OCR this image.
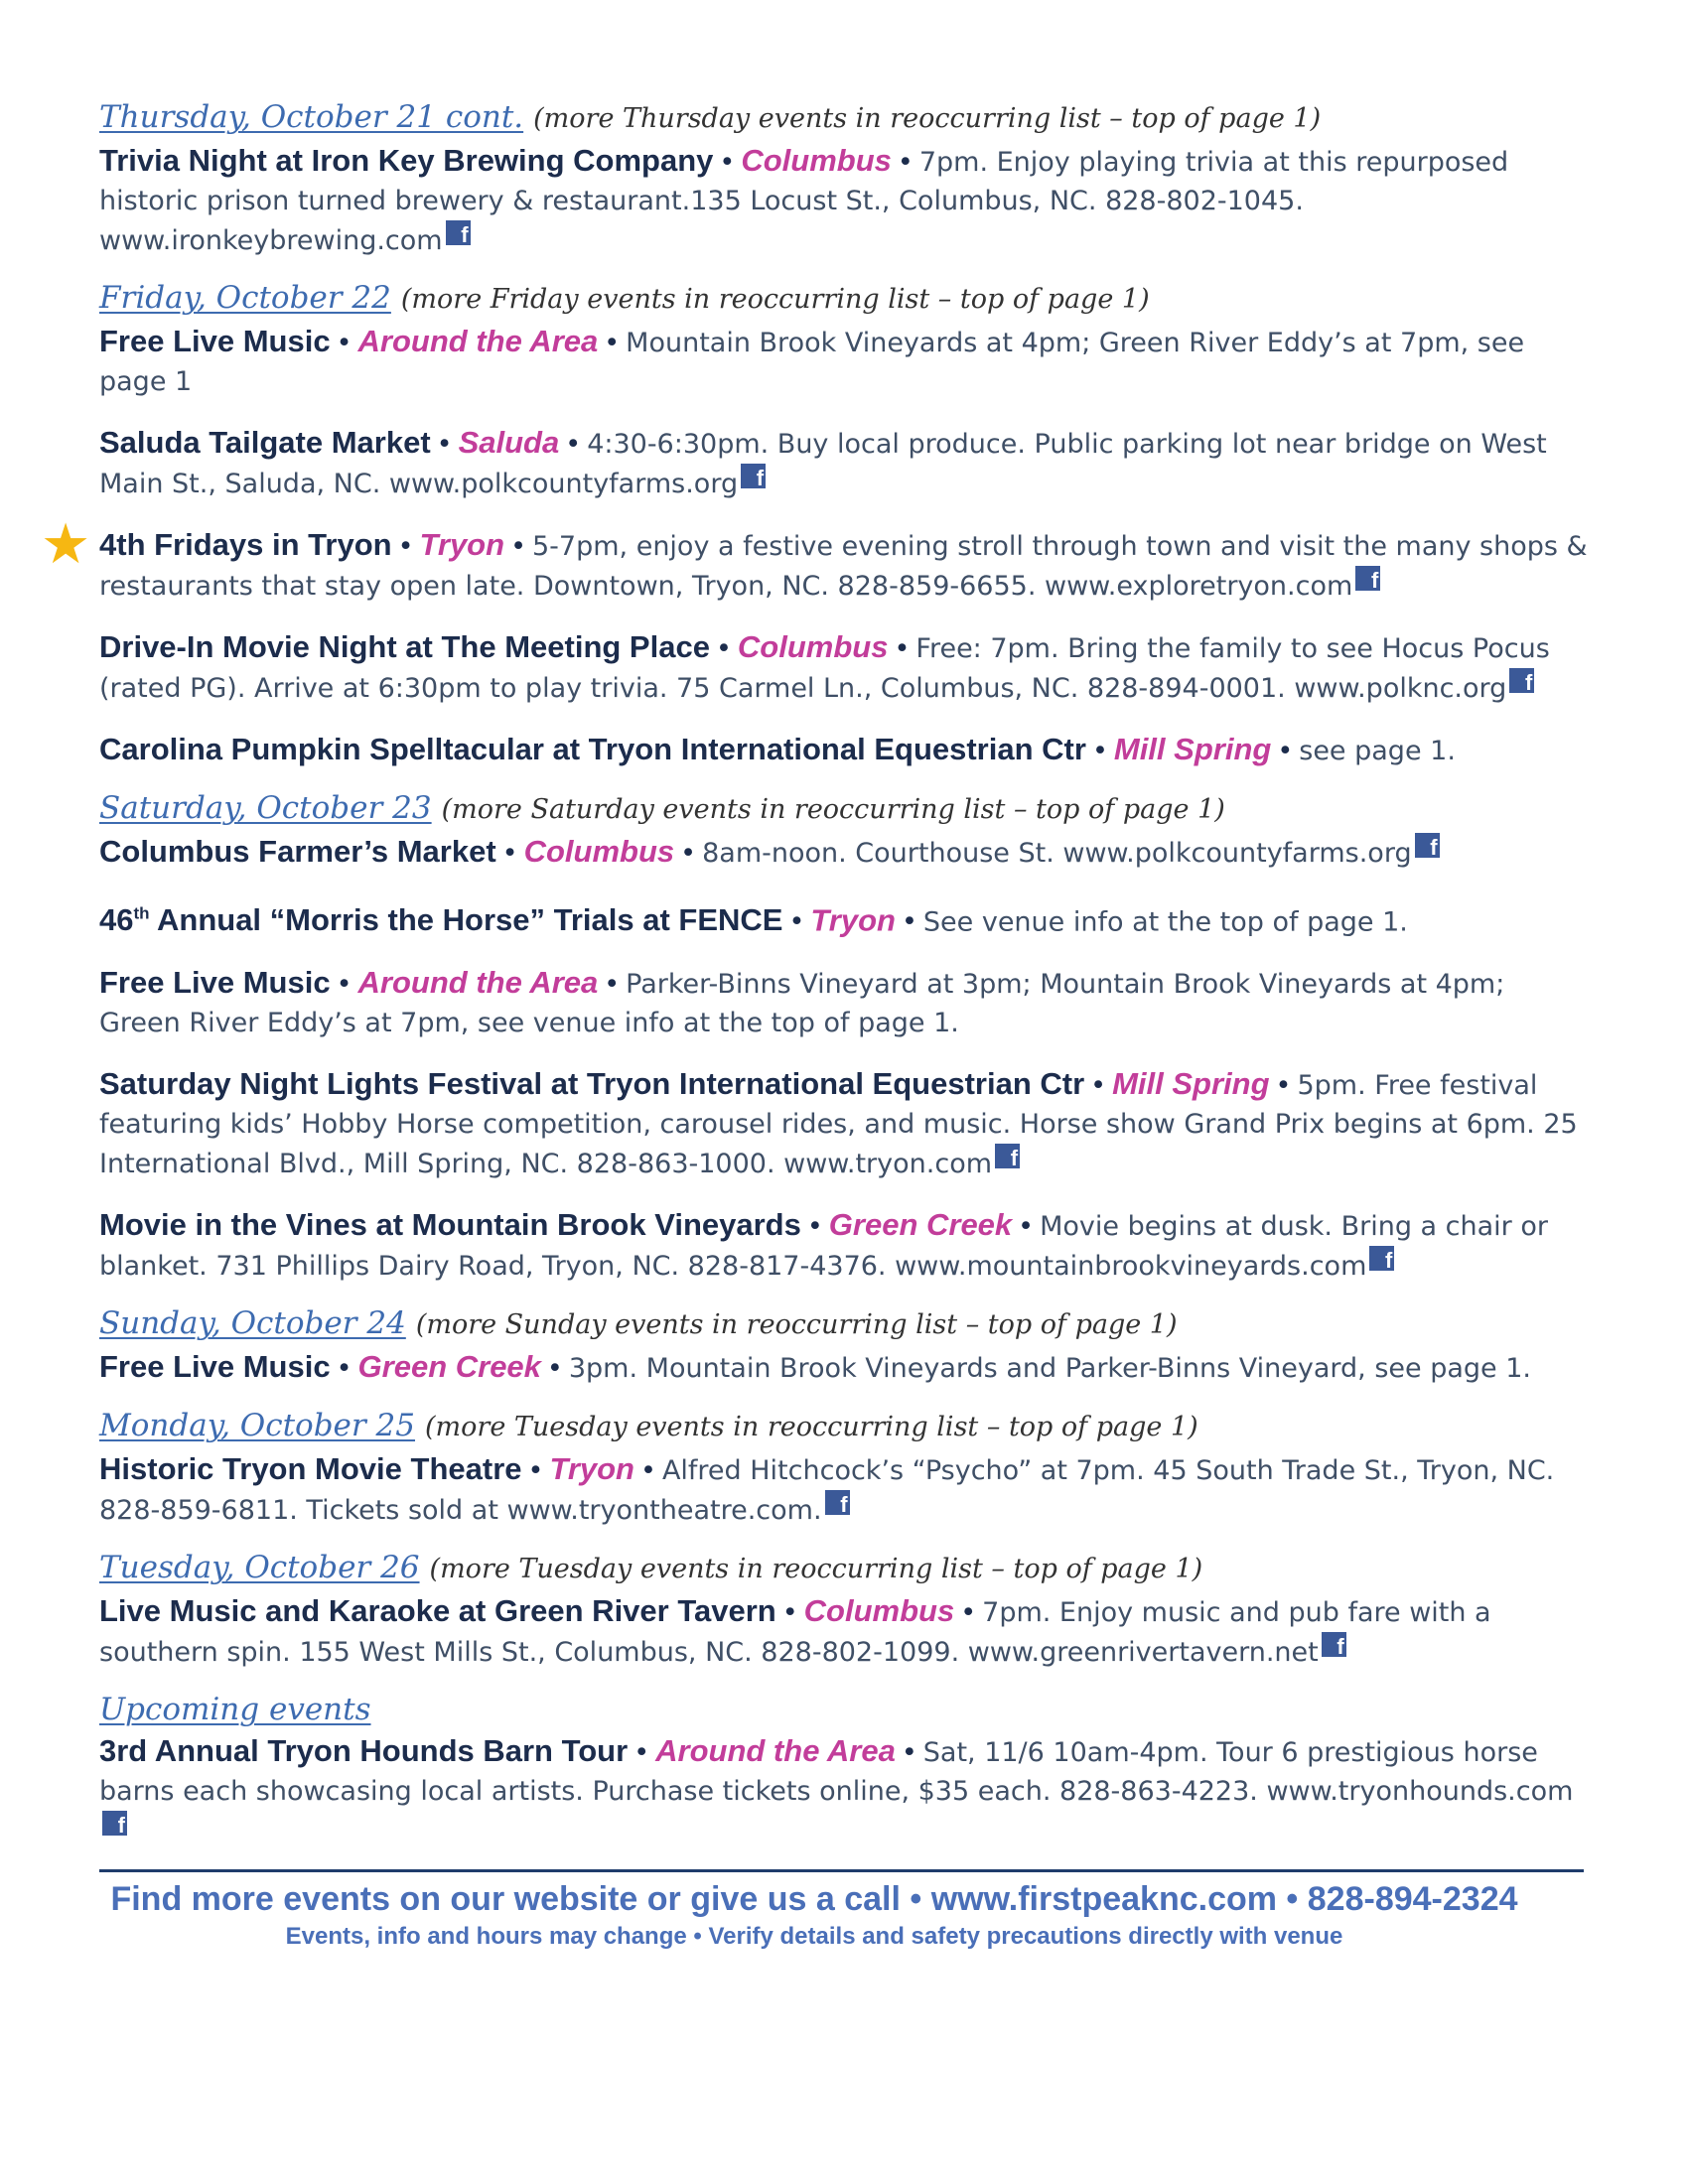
Thursday, October 21 cont. (more Thursday events in reoccurring list – top of page 1)
Trivia Night at Iron Key Brewing Company • Columbus • 7pm. Enjoy playing trivia at this repurposed historic prison turned brewery & restaurant.135 Locust St., Columbus, NC. 828-802-1045. www.ironkeybrewing.com f
Friday, October 22 (more Friday events in reoccurring list – top of page 1)
Free Live Music • Around the Area • Mountain Brook Vineyards at 4pm; Green River Eddy’s at 7pm, see page 1
Saluda Tailgate Market • Saluda • 4:30-6:30pm. Buy local produce. Public parking lot near bridge on West Main St., Saluda, NC. www.polkcountyfarms.org f
★ 4th Fridays in Tryon • Tryon • 5-7pm, enjoy a festive evening stroll through town and visit the many shops & restaurants that stay open late. Downtown, Tryon, NC. 828-859-6655. www.exploretryon.com f
Drive-In Movie Night at The Meeting Place • Columbus • Free: 7pm. Bring the family to see Hocus Pocus (rated PG). Arrive at 6:30pm to play trivia. 75 Carmel Ln., Columbus, NC. 828-894-0001. www.polknc.org f
Carolina Pumpkin Spelltacular at Tryon International Equestrian Ctr • Mill Spring • see page 1.
Saturday, October 23 (more Saturday events in reoccurring list – top of page 1)
Columbus Farmer’s Market • Columbus • 8am-noon. Courthouse St. www.polkcountyfarms.org f
46th Annual “Morris the Horse” Trials at FENCE • Tryon • See venue info at the top of page 1.
Free Live Music • Around the Area • Parker-Binns Vineyard at 3pm; Mountain Brook Vineyards at 4pm; Green River Eddy’s at 7pm, see venue info at the top of page 1.
Saturday Night Lights Festival at Tryon International Equestrian Ctr • Mill Spring • 5pm. Free festival featuring kids’ Hobby Horse competition, carousel rides, and music. Horse show Grand Prix begins at 6pm. 25 International Blvd., Mill Spring, NC. 828-863-1000. www.tryon.com f
Movie in the Vines at Mountain Brook Vineyards • Green Creek • Movie begins at dusk. Bring a chair or blanket. 731 Phillips Dairy Road, Tryon, NC. 828-817-4376. www.mountainbrookvineyards.com f
Sunday, October 24 (more Sunday events in reoccurring list – top of page 1)
Free Live Music • Green Creek • 3pm. Mountain Brook Vineyards and Parker-Binns Vineyard, see page 1.
Monday, October 25 (more Tuesday events in reoccurring list – top of page 1)
Historic Tryon Movie Theatre • Tryon • Alfred Hitchcock’s “Psycho” at 7pm. 45 South Trade St., Tryon, NC. 828-859-6811. Tickets sold at www.tryontheatre.com. f
Tuesday, October 26 (more Tuesday events in reoccurring list – top of page 1)
Live Music and Karaoke at Green River Tavern • Columbus • 7pm. Enjoy music and pub fare with a southern spin. 155 West Mills St., Columbus, NC. 828-802-1099. www.greenrivertavern.net f
Upcoming events
3rd Annual Tryon Hounds Barn Tour • Around the Area • Sat, 11/6 10am-4pm. Tour 6 prestigious horse barns each showcasing local artists. Purchase tickets online, $35 each. 828-863-4223. www.tryonhounds.comf
Find more events on our website or give us a call • www.firstpeaknc.com • 828-894-2324
Events, info and hours may change • Verify details and safety precautions directly with venue
